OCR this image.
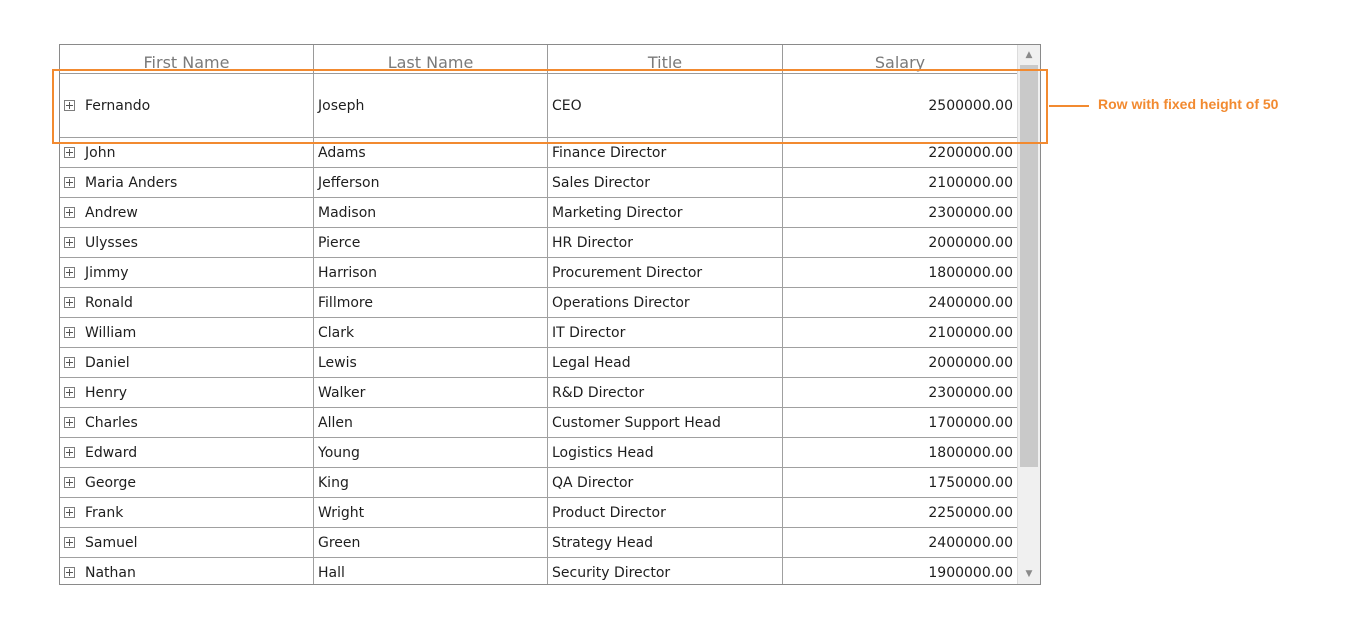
First Name	Last Name	Title	Salary
Fernando	Joseph	CEO	2500000.00
John	Adams	Finance Director	2200000.00
Maria Anders	Jefferson	Sales Director	2100000.00
Andrew	Madison	Marketing Director	2300000.00
Ulysses	Pierce	HR Director	2000000.00
Jimmy	Harrison	Procurement Director	1800000.00
Ronald	Fillmore	Operations Director	2400000.00
William	Clark	IT Director	2100000.00
Daniel	Lewis	Legal Head	2000000.00
Henry	Walker	R&D Director	2300000.00
Charles	Allen	Customer Support Head	1700000.00
Edward	Young	Logistics Head	1800000.00
George	King	QA Director	1750000.00
Frank	Wright	Product Director	2250000.00
Samuel	Green	Strategy Head	2400000.00
Nathan	Hall	Security Director	1900000.00
▲
▼
Row with fixed height of 50
